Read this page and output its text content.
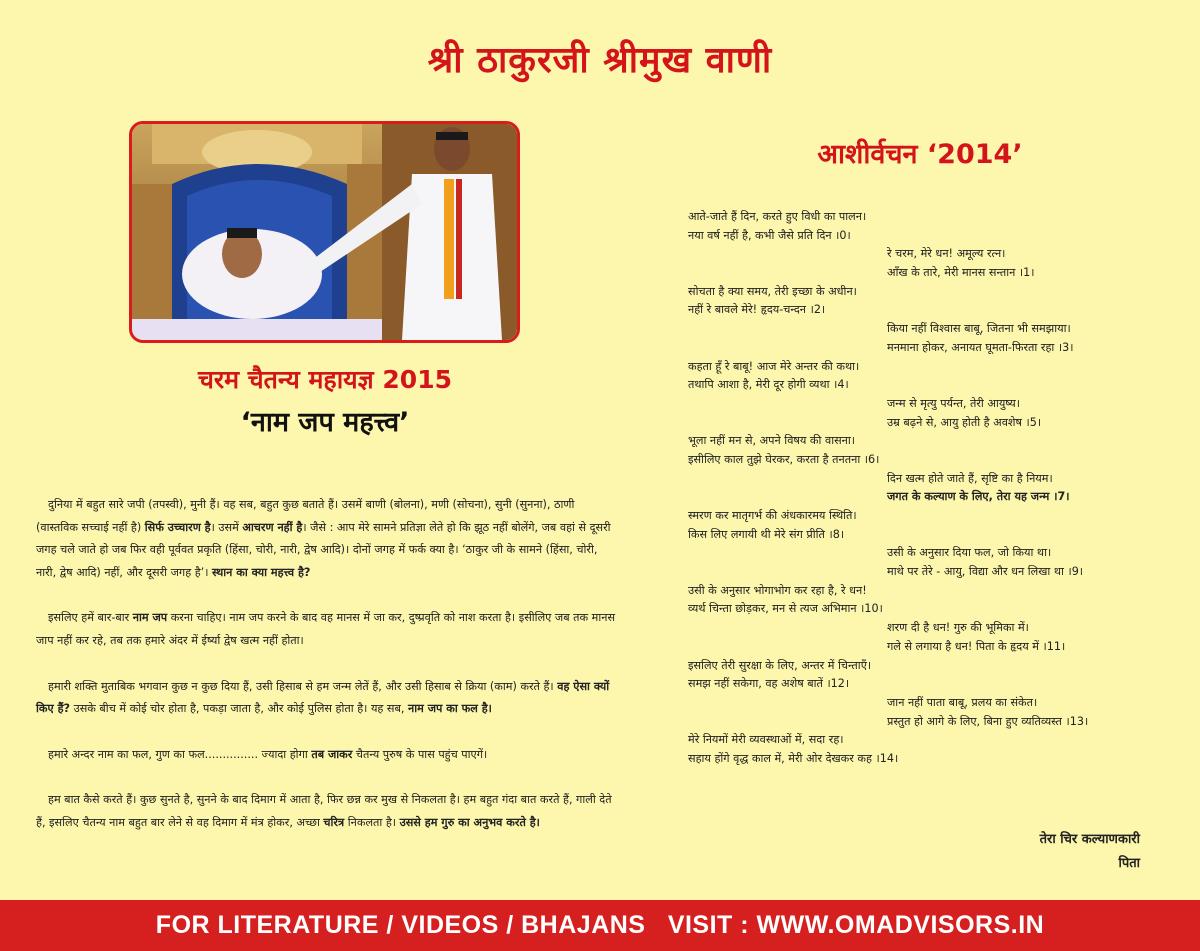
श्री ठाकुरजी श्रीमुख वाणी
चरम चैतन्य महायज्ञ 2015
‘नाम जप महत्त्व’

दुनिया में बहुत सारे जपी (तपस्वी), मुनी हैं। वह सब, बहुत कुछ बताते हैं। उसमें बाणी (बोलना), मणी (सोचना), सुनी (सुनना), ठाणी (वास्तविक सच्चाई नहीं है) सिर्फ उच्चारण है। उसमें आचरण नहीं है। जैसे : आप मेरे सामने प्रतिज्ञा लेते हो कि झूठ नहीं बोलेंगे, जब वहां से दूसरी जगह चले जाते हो जब फिर वही पूर्ववत प्रकृति (हिंसा, चोरी, नारी, द्वेष आदि)। दोनों जगह में फर्क क्या है। ‘ठाकुर जी के सामने (हिंसा, चोरी, नारी, द्वेष आदि) नहीं, और दूसरी जगह है’। स्थान का क्या महत्त्व है?

इसलिए हमें बार-बार नाम जप करना चाहिए। नाम जप करने के बाद वह मानस में जा कर, दुष्प्रवृति को नाश करता है। इसीलिए जब तक मानस जाप नहीं कर रहे, तब तक हमारे अंदर में ईर्ष्या द्वेष खत्म नहीं होता।

हमारी शक्ति मुताबिक भगवान कुछ न कुछ दिया हैं, उसी हिसाब से हम जन्म लेतें हैं, और उसी हिसाब से क्रिया (काम) करते हैं। वह ऐसा क्यों किए हैं? उसके बीच में कोई चोर होता है, पकड़ा जाता है, और कोई पुलिस होता है। यह सब, नाम जप का फल है।

हमारे अन्दर नाम का फल, गुण का फल............... ज्यादा होगा तब जाकर चैतन्य पुरुष के पास पहुंच पाएगें।

हम बात कैसे करते हैं। कुछ सुनते है, सुनने के बाद दिमाग में आता है, फिर छन्न कर मुख से निकलता है। हम बहुत गंदा बात करते हैं, गाली देते हैं, इसलिए चैतन्य नाम बहुत बार लेने से वह दिमाग में मंत्र होकर, अच्छा चरित्र निकलता है। उससे हम गुरु का अनुभव करते है।

आशीर्वचन ‘2014’
आते-जाते हैं दिन, करते हुए विधी का पालन।
नया वर्ष नहीं है, कभी जैसे प्रति दिन ।0।
रे चरम, मेरे धन! अमूल्य रत्न।
आँख के तारे, मेरी मानस सन्तान ।1।
सोचता है क्या समय, तेरी इच्छा के अधीन।
नहीं रे बावले मेरे! हृदय-चन्दन ।2।
किया नहीं विश्वास बाबू, जितना भी समझाया।
मनमाना होकर, अनायत घूमता-फिरता रहा ।3।
कहता हूँ रे बाबू! आज मेरे अन्तर की कथा।
तथापि आशा है, मेरी दूर होगी व्यथा ।4।
जन्म से मृत्यु पर्यन्त, तेरी आयुष्य।
उम्र बढ़ने से, आयु होती है अवशेष ।5।
भूला नहीं मन से, अपने विषय की वासना।
इसीलिए काल तुझे घेरकर, करता है तनतना ।6।
दिन खत्म होते जाते हैं, सृष्टि का है नियम।
जगत के कल्याण के लिए, तेरा यह जन्म ।7।
स्मरण कर मातृगर्भ की अंधकारमय स्थिति।
किस लिए लगायी थी मेरे संग प्रीति ।8।
उसी के अनुसार दिया फल, जो किया था।
माथे पर तेरे - आयु, विद्या और धन लिखा था ।9।
उसी के अनुसार भोगाभोग कर रहा है, रे धन!
व्यर्थ चिन्ता छोड़कर, मन से त्यज अभिमान ।10।
शरण दी है धन! गुरु की भूमिका में।
गले से लगाया है धन! पिता के हृदय में ।11।
इसलिए तेरी सुरक्षा के लिए, अन्तर में चिन्ताएँ।
समझ नहीं सकेगा, वह अशेष बातें ।12।
जान नहीं पाता बाबू, प्रलय का संकेत।
प्रस्तुत हो आगे के लिए, बिना हुए व्यतिव्यस्त ।13।
मेरे नियमों मेरी व्यवस्थाओं में, सदा रह।
सहाय होंगे वृद्ध काल में, मेरी ओर देखकर कह ।14।
तेरा चिर कल्याणकारी
पिता
FOR LITERATURE / VIDEOS / BHAJANS   VISIT : WWW.OMADVISORS.IN
